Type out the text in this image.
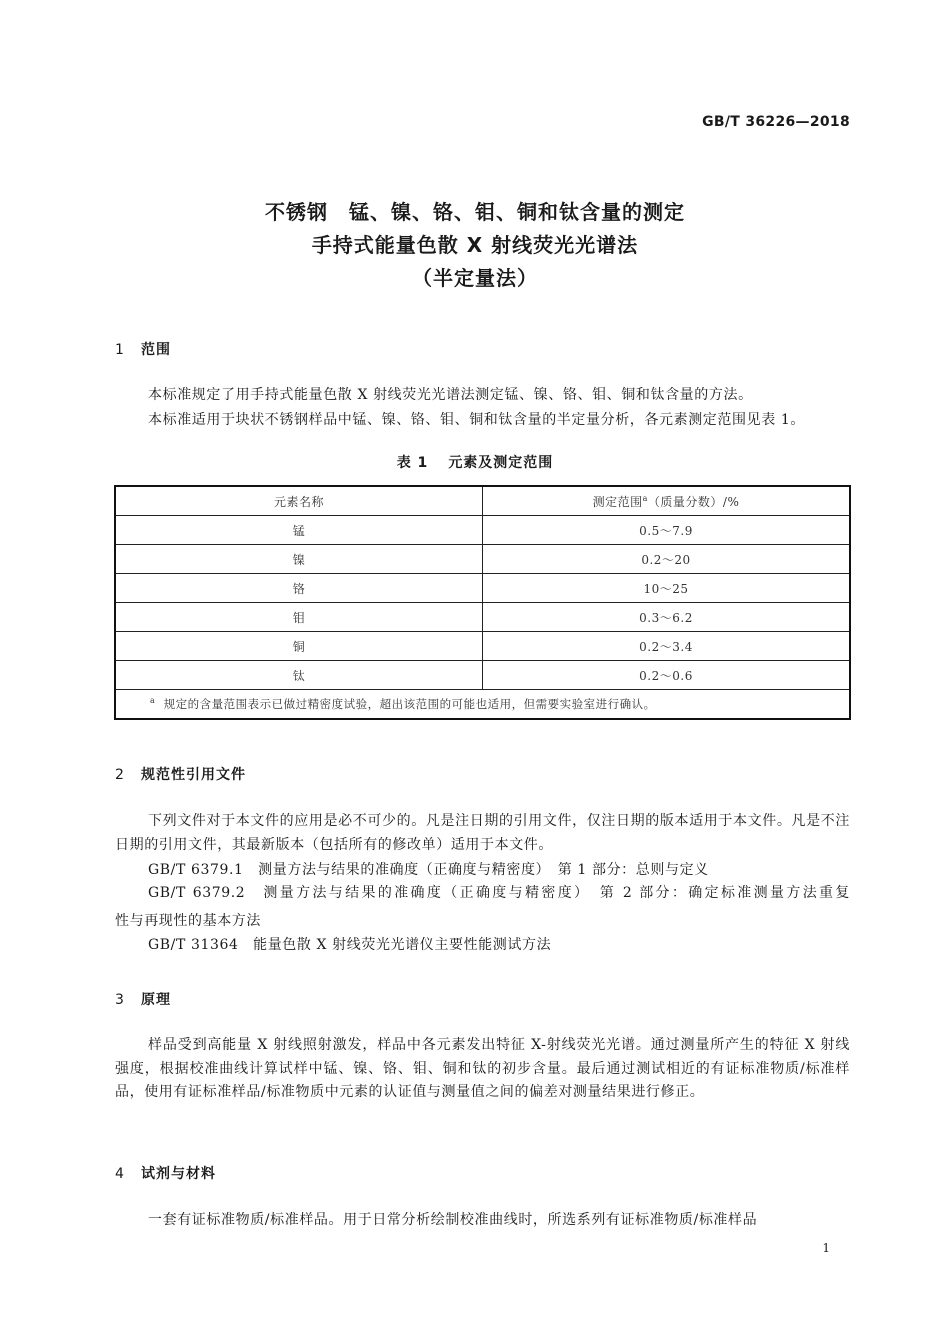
GB/T 36226—2018
不锈钢　锰、镍、铬、钼、铜和钛含量的测定
手持式能量色散 X 射线荧光光谱法
（半定量法）
1 范围
本标准规定了用手持式能量色散 X 射线荧光光谱法测定锰、镍、铬、钼、铜和钛含量的方法。
本标准适用于块状不锈钢样品中锰、镍、铬、钼、铜和钛含量的半定量分析，各元素测定范围见表 1。
表 1 元素及测定范围
元素名称	测定范围$^a$（质量分数）/%
锰	0.5～7.9
镍	0.2～20
铬	10～25
钼	0.3～6.2
铜	0.2～3.4
钛	0.2～0.6
$^a$ 规定的含量范围表示已做过精密度试验，超出该范围的可能也适用，但需要实验室进行确认。	
2 规范性引用文件
下列文件对于本文件的应用是必不可少的。凡是注日期的引用文件，仅注日期的版本适用于本文件。凡是不注日期的引用文件，其最新版本（包括所有的修改单）适用于本文件。
GB/T 6379.1　测量方法与结果的准确度（正确度与精密度）　第 1 部分：总则与定义
GB/T 6379.2　测量方法与结果的准确度（正确度与精密度）　第 2 部分：确定标准测量方法重复
性与再现性的基本方法
GB/T 31364　能量色散 X 射线荧光光谱仪主要性能测试方法
3 原理
样品受到高能量 X 射线照射激发，样品中各元素发出特征 X-射线荧光光谱。通过测量所产生的特征 X 射线强度，根据校准曲线计算试样中锰、镍、铬、钼、铜和钛的初步含量。最后通过测试相近的有证标准物质/标准样品，使用有证标准样品/标准物质中元素的认证值与测量值之间的偏差对测量结果进行修正。
4 试剂与材料
一套有证标准物质/标准样品。用于日常分析绘制校准曲线时，所选系列有证标准物质/标准样品
1
